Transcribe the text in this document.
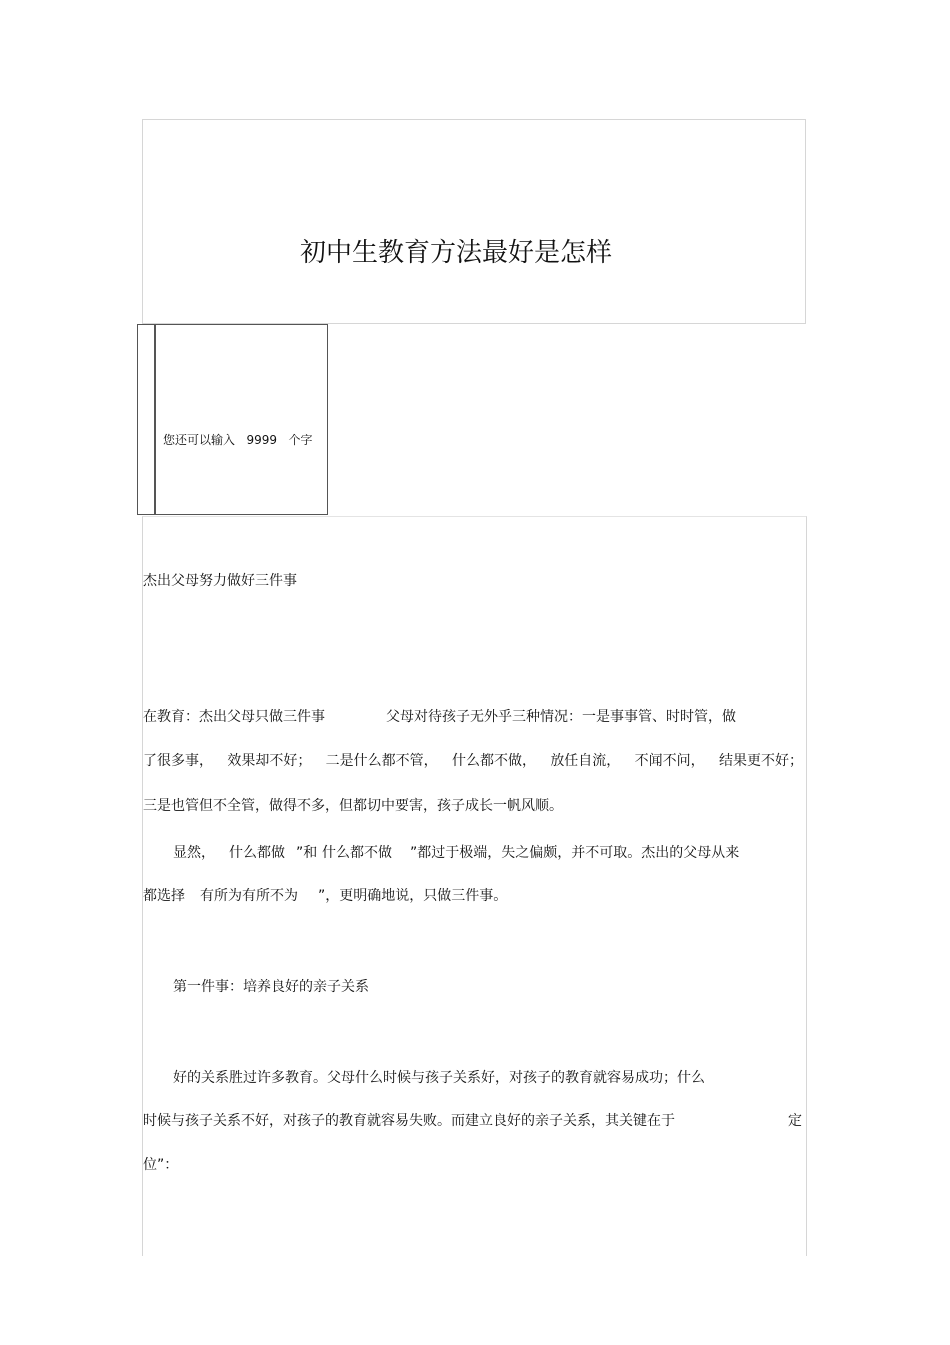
初中生教育方法最好是怎样
您还可以输入 9999 个字
杰出父母努力做好三件事
在教育：杰出父母只做三件事	父母对待孩子无外乎三种情况：一是事事管、时时管，做
了很多事， 效果却不好； 二是什么都不管， 什么都不做， 放任自流， 不闻不问， 结果更不好；
三是也管但不全管，做得不多，但都切中要害，孩子成长一帆风顺。
显然， 什么都做 ”和 什么都不做 ”都过于极端，失之偏颇，并不可取。杰出的父母从来
都选择 有所为有所不为 ”，更明确地说，只做三件事。
第一件事：培养良好的亲子关系
好的关系胜过许多教育。父母什么时候与孩子关系好，对孩子的教育就容易成功；什么
时候与孩子关系不好，对孩子的教育就容易失败。而建立良好的亲子关系，其关键在于	定
位”：
